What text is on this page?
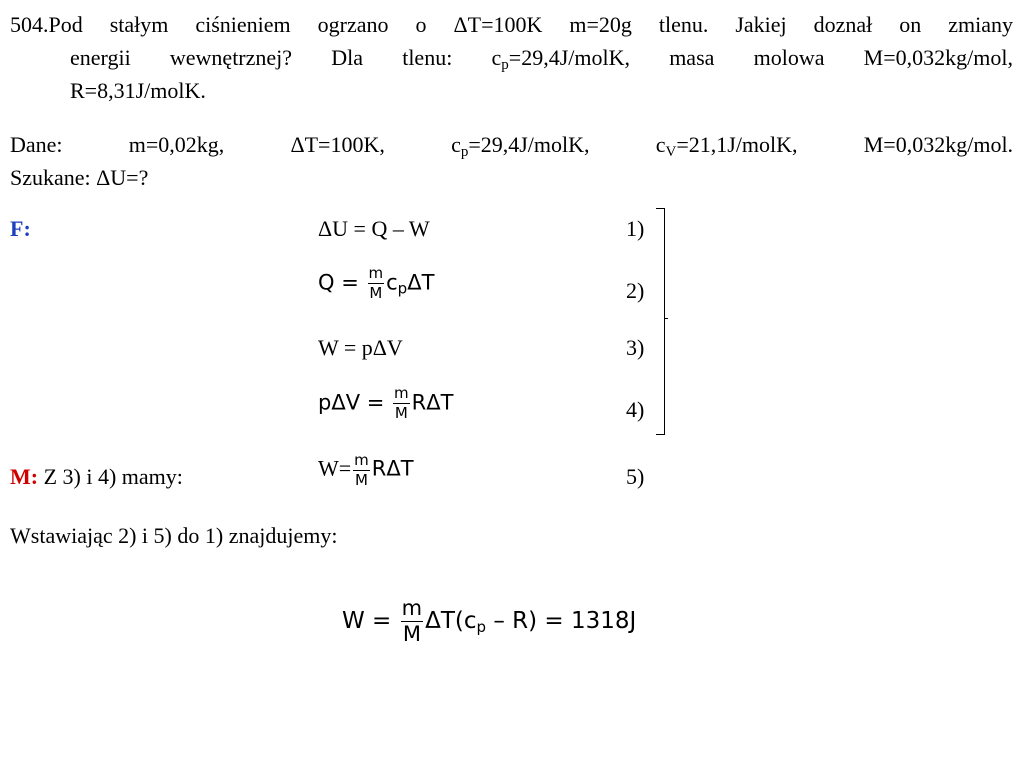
504.Pod stałym ciśnieniem ogrzano o ΔT=100K m=20g tlenu. Jakiej doznał on zmiany
energii wewnętrznej? Dla tlenu: $c_p=29,4J$/molK, masa molowa M=0,032kg/mol,
R=8,31J/molK.
Dane:	m=0,02kg,	ΔT=100K,	$c_p=29,4J$/molK,	$c_V=21,1J$/molK,	M=0,032kg/mol.
Szukane: ΔU=?
F:	ΔU = Q – W	1)
$Q = \frac{m}{M} c_p\Delta T$	2)
W = pΔV	3)
$p\Delta V = \frac{m}{M}$ RΔT	4)
M: Z 3) i 4) mamy:	$W= \frac{m}{M}$ RΔT	5)
Wstawiając 2) i 5) do 1) znajdujemy:
$W = \frac{m}{M} \Delta T(c_p - R) = 1318J$
